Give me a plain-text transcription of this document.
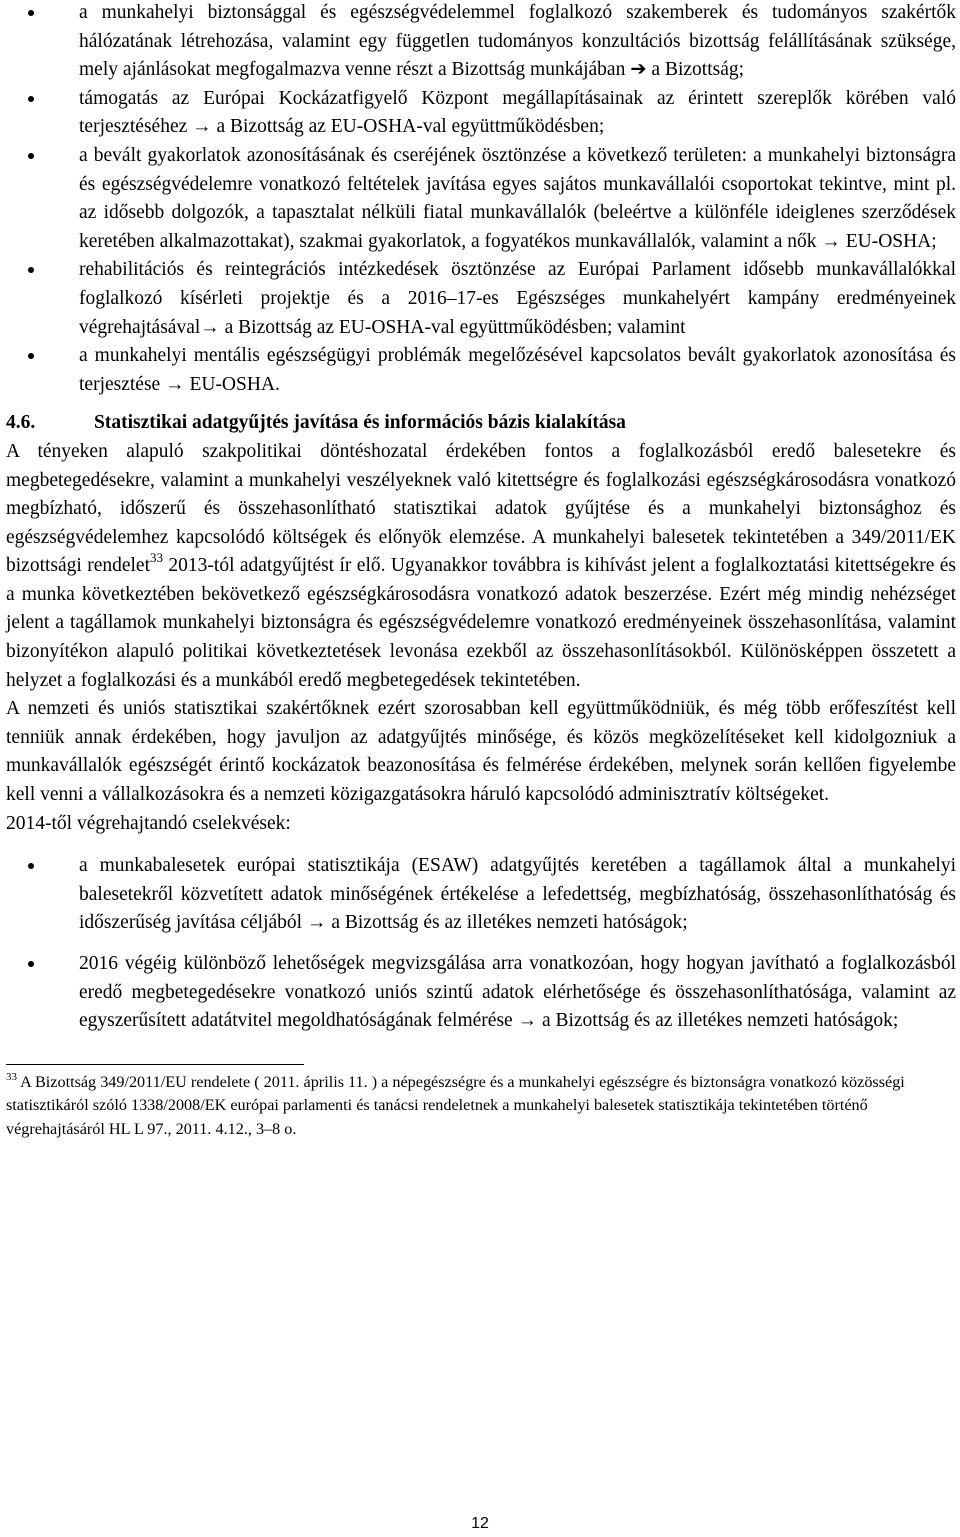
a munkahelyi biztonsággal és egészségvédelemmel foglalkozó szakemberek és tudományos szakértők hálózatának létrehozása, valamint egy független tudományos konzultációs bizottság felállításának szüksége, mely ajánlásokat megfogalmazva venne részt a Bizottság munkájában ➔ a Bizottság;
támogatás az Európai Kockázatfigyelő Központ megállapításainak az érintett szereplők körében való terjesztéséhez → a Bizottság az EU-OSHA-val együttműködésben;
a bevált gyakorlatok azonosításának és cseréjének ösztönzése a következő területen: a munkahelyi biztonságra és egészségvédelemre vonatkozó feltételek javítása egyes sajátos munkavállalói csoportokat tekintve, mint pl. az idősebb dolgozók, a tapasztalat nélküli fiatal munkavállalók (beleértve a különféle ideiglenes szerződések keretében alkalmazottakat), szakmai gyakorlatok, a fogyatékos munkavállalók, valamint a nők → EU-OSHA;
rehabilitációs és reintegrációs intézkedések ösztönzése az Európai Parlament idősebb munkavállalókkal foglalkozó kísérleti projektje és a 2016–17-es Egészséges munkahelyért kampány eredményeinek végrehajtásával→ a Bizottság az EU-OSHA-val együttműködésben; valamint
a munkahelyi mentális egészségügyi problémák megelőzésével kapcsolatos bevált gyakorlatok azonosítása és terjesztése → EU-OSHA.
4.6.	Statisztikai adatgyűjtés javítása és információs bázis kialakítása

A tényeken alapuló szakpolitikai döntéshozatal érdekében fontos a foglalkozásból eredő balesetekre és megbetegedésekre, valamint a munkahelyi veszélyeknek való kitettségre és foglalkozási egészségkárosodásra vonatkozó megbízható, időszerű és összehasonlítható statisztikai adatok gyűjtése és a munkahelyi biztonsághoz és egészségvédelemhez kapcsolódó költségek és előnyök elemzése. A munkahelyi balesetek tekintetében a 349/2011/EK bizottsági rendelet$^{33}$ 2013-tól adatgyűjtést ír elő. Ugyanakkor továbbra is kihívást jelent a foglalkoztatási kitettségekre és a munka következtében bekövetkező egészségkárosodásra vonatkozó adatok beszerzése. Ezért még mindig nehézséget jelent a tagállamok munkahelyi biztonságra és egészségvédelemre vonatkozó eredményeinek összehasonlítása, valamint bizonyítékon alapuló politikai következtetések levonása ezekből az összehasonlításokból. Különösképpen összetett a helyzet a foglalkozási és a munkából eredő megbetegedések tekintetében.

A nemzeti és uniós statisztikai szakértőknek ezért szorosabban kell együttműködniük, és még több erőfeszítést kell tenniük annak érdekében, hogy javuljon az adatgyűjtés minősége, és közös megközelítéseket kell kidolgozniuk a munkavállalók egészségét érintő kockázatok beazonosítása és felmérése érdekében, melynek során kellően figyelembe kell venni a vállalkozásokra és a nemzeti közigazgatásokra háruló kapcsolódó adminisztratív költségeket.

2014-től végrehajtandó cselekvések:

a munkabalesetek európai statisztikája (ESAW) adatgyűjtés keretében a tagállamok által a munkahelyi balesetekről közvetített adatok minőségének értékelése a lefedettség, megbízhatóság, összehasonlíthatóság és időszerűség javítása céljából → a Bizottság és az illetékes nemzeti hatóságok;
2016 végéig különböző lehetőségek megvizsgálása arra vonatkozóan, hogy hogyan javítható a foglalkozásból eredő megbetegedésekre vonatkozó uniós szintű adatok elérhetősége és összehasonlíthatósága, valamint az egyszerűsített adatátvitel megoldhatóságának felmérése → a Bizottság és az illetékes nemzeti hatóságok;
$^{33}$ A Bizottság 349/2011/EU rendelete ( 2011. április 11. ) a népegészségre és a munkahelyi egészségre és biztonságra vonatkozó közösségi statisztikáról szóló 1338/2008/EK európai parlamenti és tanácsi rendeletnek a munkahelyi balesetek statisztikája tekintetében történő végrehajtásáról HL L 97., 2011. 4.12., 3–8 o.
12
